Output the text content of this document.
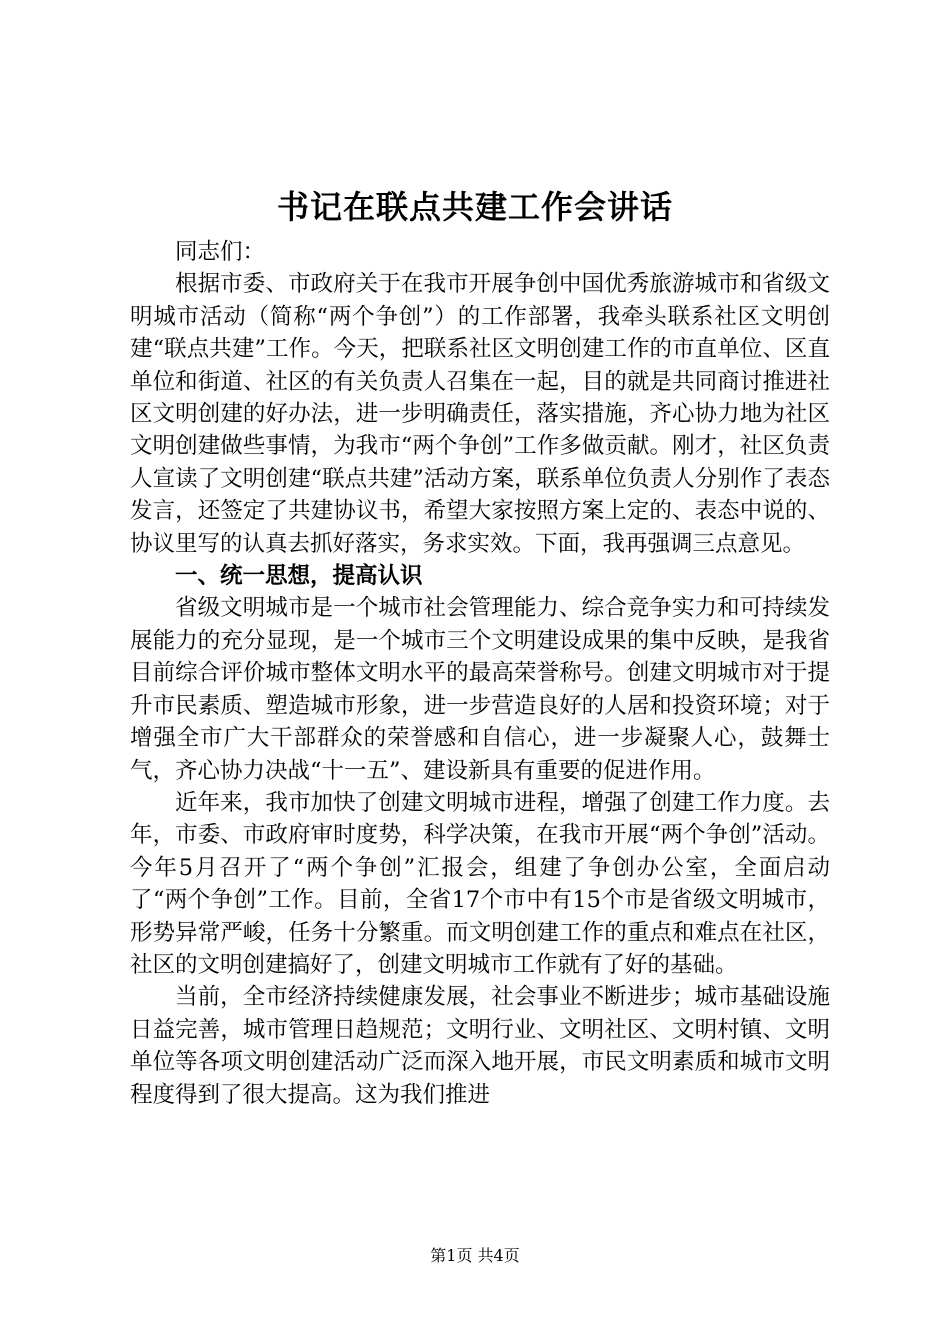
书记在联点共建工作会讲话

同志们：

根据市委、市政府关于在我市开展争创中国优秀旅游城市和省级文明城市活动（简称“两个争创”）的工作部署，我牵头联系社区文明创建“联点共建”工作。今天，把联系社区文明创建工作的市直单位、区直单位和街道、社区的有关负责人召集在一起，目的就是共同商讨推进社区文明创建的好办法，进一步明确责任，落实措施，齐心协力地为社区文明创建做些事情，为我市“两个争创”工作多做贡献。刚才，社区负责人宣读了文明创建“联点共建”活动方案，联系单位负责人分别作了表态发言，还签定了共建协议书，希望大家按照方案上定的、表态中说的、协议里写的认真去抓好落实，务求实效。下面，我再强调三点意见。

一、统一思想，提高认识

省级文明城市是一个城市社会管理能力、综合竞争实力和可持续发展能力的充分显现，是一个城市三个文明建设成果的集中反映，是我省目前综合评价城市整体文明水平的最高荣誉称号。创建文明城市对于提升市民素质、塑造城市形象，进一步营造良好的人居和投资环境；对于增强全市广大干部群众的荣誉感和自信心，进一步凝聚人心，鼓舞士气，齐心协力决战“十一五”、建设新具有重要的促进作用。

近年来，我市加快了创建文明城市进程，增强了创建工作力度。去年，市委、市政府审时度势，科学决策，在我市开展“两个争创”活动。今年5月召开了“两个争创”汇报会，组建了争创办公室，全面启动了“两个争创”工作。目前，全省17个市中有15个市是省级文明城市，形势异常严峻，任务十分繁重。而文明创建工作的重点和难点在社区，社区的文明创建搞好了，创建文明城市工作就有了好的基础。

当前，全市经济持续健康发展，社会事业不断进步；城市基础设施日益完善，城市管理日趋规范；文明行业、文明社区、文明村镇、文明单位等各项文明创建活动广泛而深入地开展，市民文明素质和城市文明程度得到了很大提高。这为我们推进

第1页 共4页
